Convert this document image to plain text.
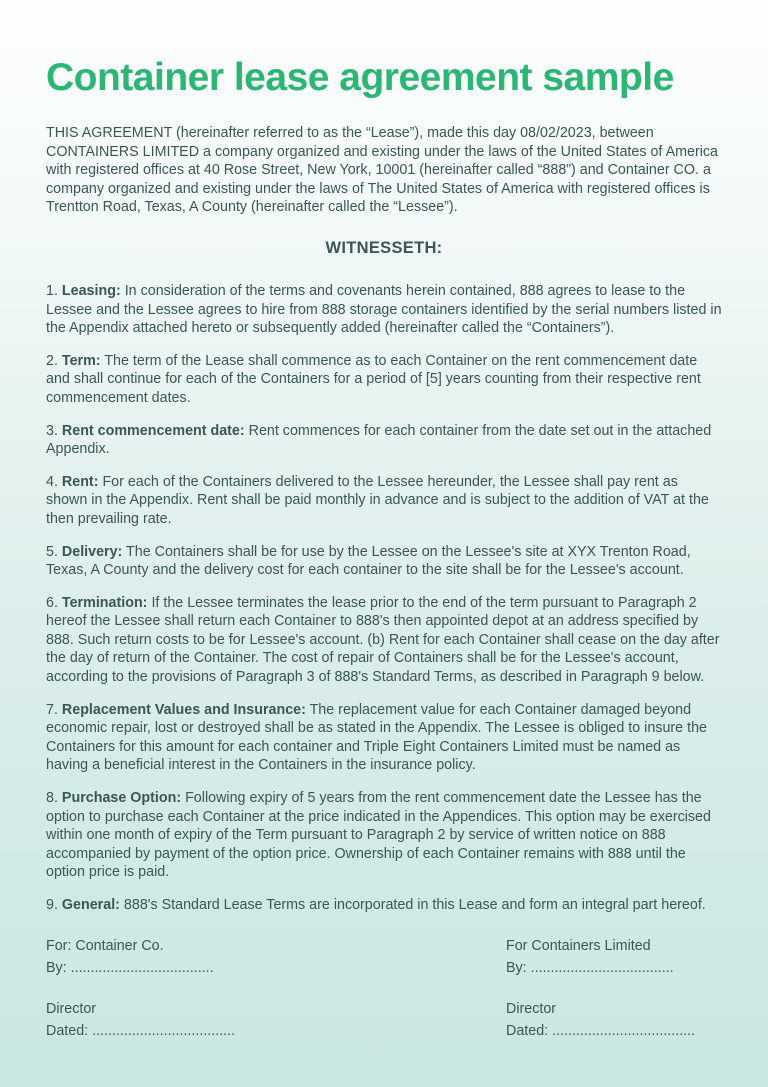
Container lease agreement sample

THIS AGREEMENT (hereinafter referred to as the “Lease”), made this day 08/02/2023, between CONTAINERS LIMITED a company organized and existing under the laws of the United States of America with registered offices at 40 Rose Street, New York, 10001 (hereinafter called “888”) and Container CO. a company organized and existing under the laws of The United States of America with registered offices is Trentton Road, Texas, A County (hereinafter called the “Lessee”).

WITNESSETH:

1. Leasing: In consideration of the terms and covenants herein contained, 888 agrees to lease to the Lessee and the Lessee agrees to hire from 888 storage containers identified by the serial numbers listed in the Appendix attached hereto or subsequently added (hereinafter called the “Containers”).

2. Term: The term of the Lease shall commence as to each Container on the rent commencement date and shall continue for each of the Containers for a period of [5] years counting from their respective rent commencement dates.

3. Rent commencement date: Rent commences for each container from the date set out in the attached Appendix.

4. Rent: For each of the Containers delivered to the Lessee hereunder, the Lessee shall pay rent as shown in the Appendix. Rent shall be paid monthly in advance and is subject to the addition of VAT at the then prevailing rate.

5. Delivery: The Containers shall be for use by the Lessee on the Lessee's site at XYX Trenton Road, Texas, A County and the delivery cost for each container to the site shall be for the Lessee's account.

6. Termination: If the Lessee terminates the lease prior to the end of the term pursuant to Paragraph 2 hereof the Lessee shall return each Container to 888's then appointed depot at an address specified by 888. Such return costs to be for Lessee's account. (b) Rent for each Container shall cease on the day after the day of return of the Container. The cost of repair of Containers shall be for the Lessee's account, according to the provisions of Paragraph 3 of 888's Standard Terms, as described in Paragraph 9 below.

7. Replacement Values and Insurance: The replacement value for each Container damaged beyond economic repair, lost or destroyed shall be as stated in the Appendix. The Lessee is obliged to insure the Containers for this amount for each container and Triple Eight Containers Limited must be named as having a beneficial interest in the Containers in the insurance policy.

8. Purchase Option: Following expiry of 5 years from the rent commencement date the Lessee has the option to purchase each Container at the price indicated in the Appendices. This option may be exercised within one month of expiry of the Term pursuant to Paragraph 2 by service of written notice on 888 accompanied by payment of the option price. Ownership of each Container remains with 888 until the option price is paid.

9. General: 888's Standard Lease Terms are incorporated in this Lease and form an integral part hereof.

For: Container Co.
By: ....................................
Director
Dated: ....................................
For Containers Limited
By: ....................................
Director
Dated: ....................................
